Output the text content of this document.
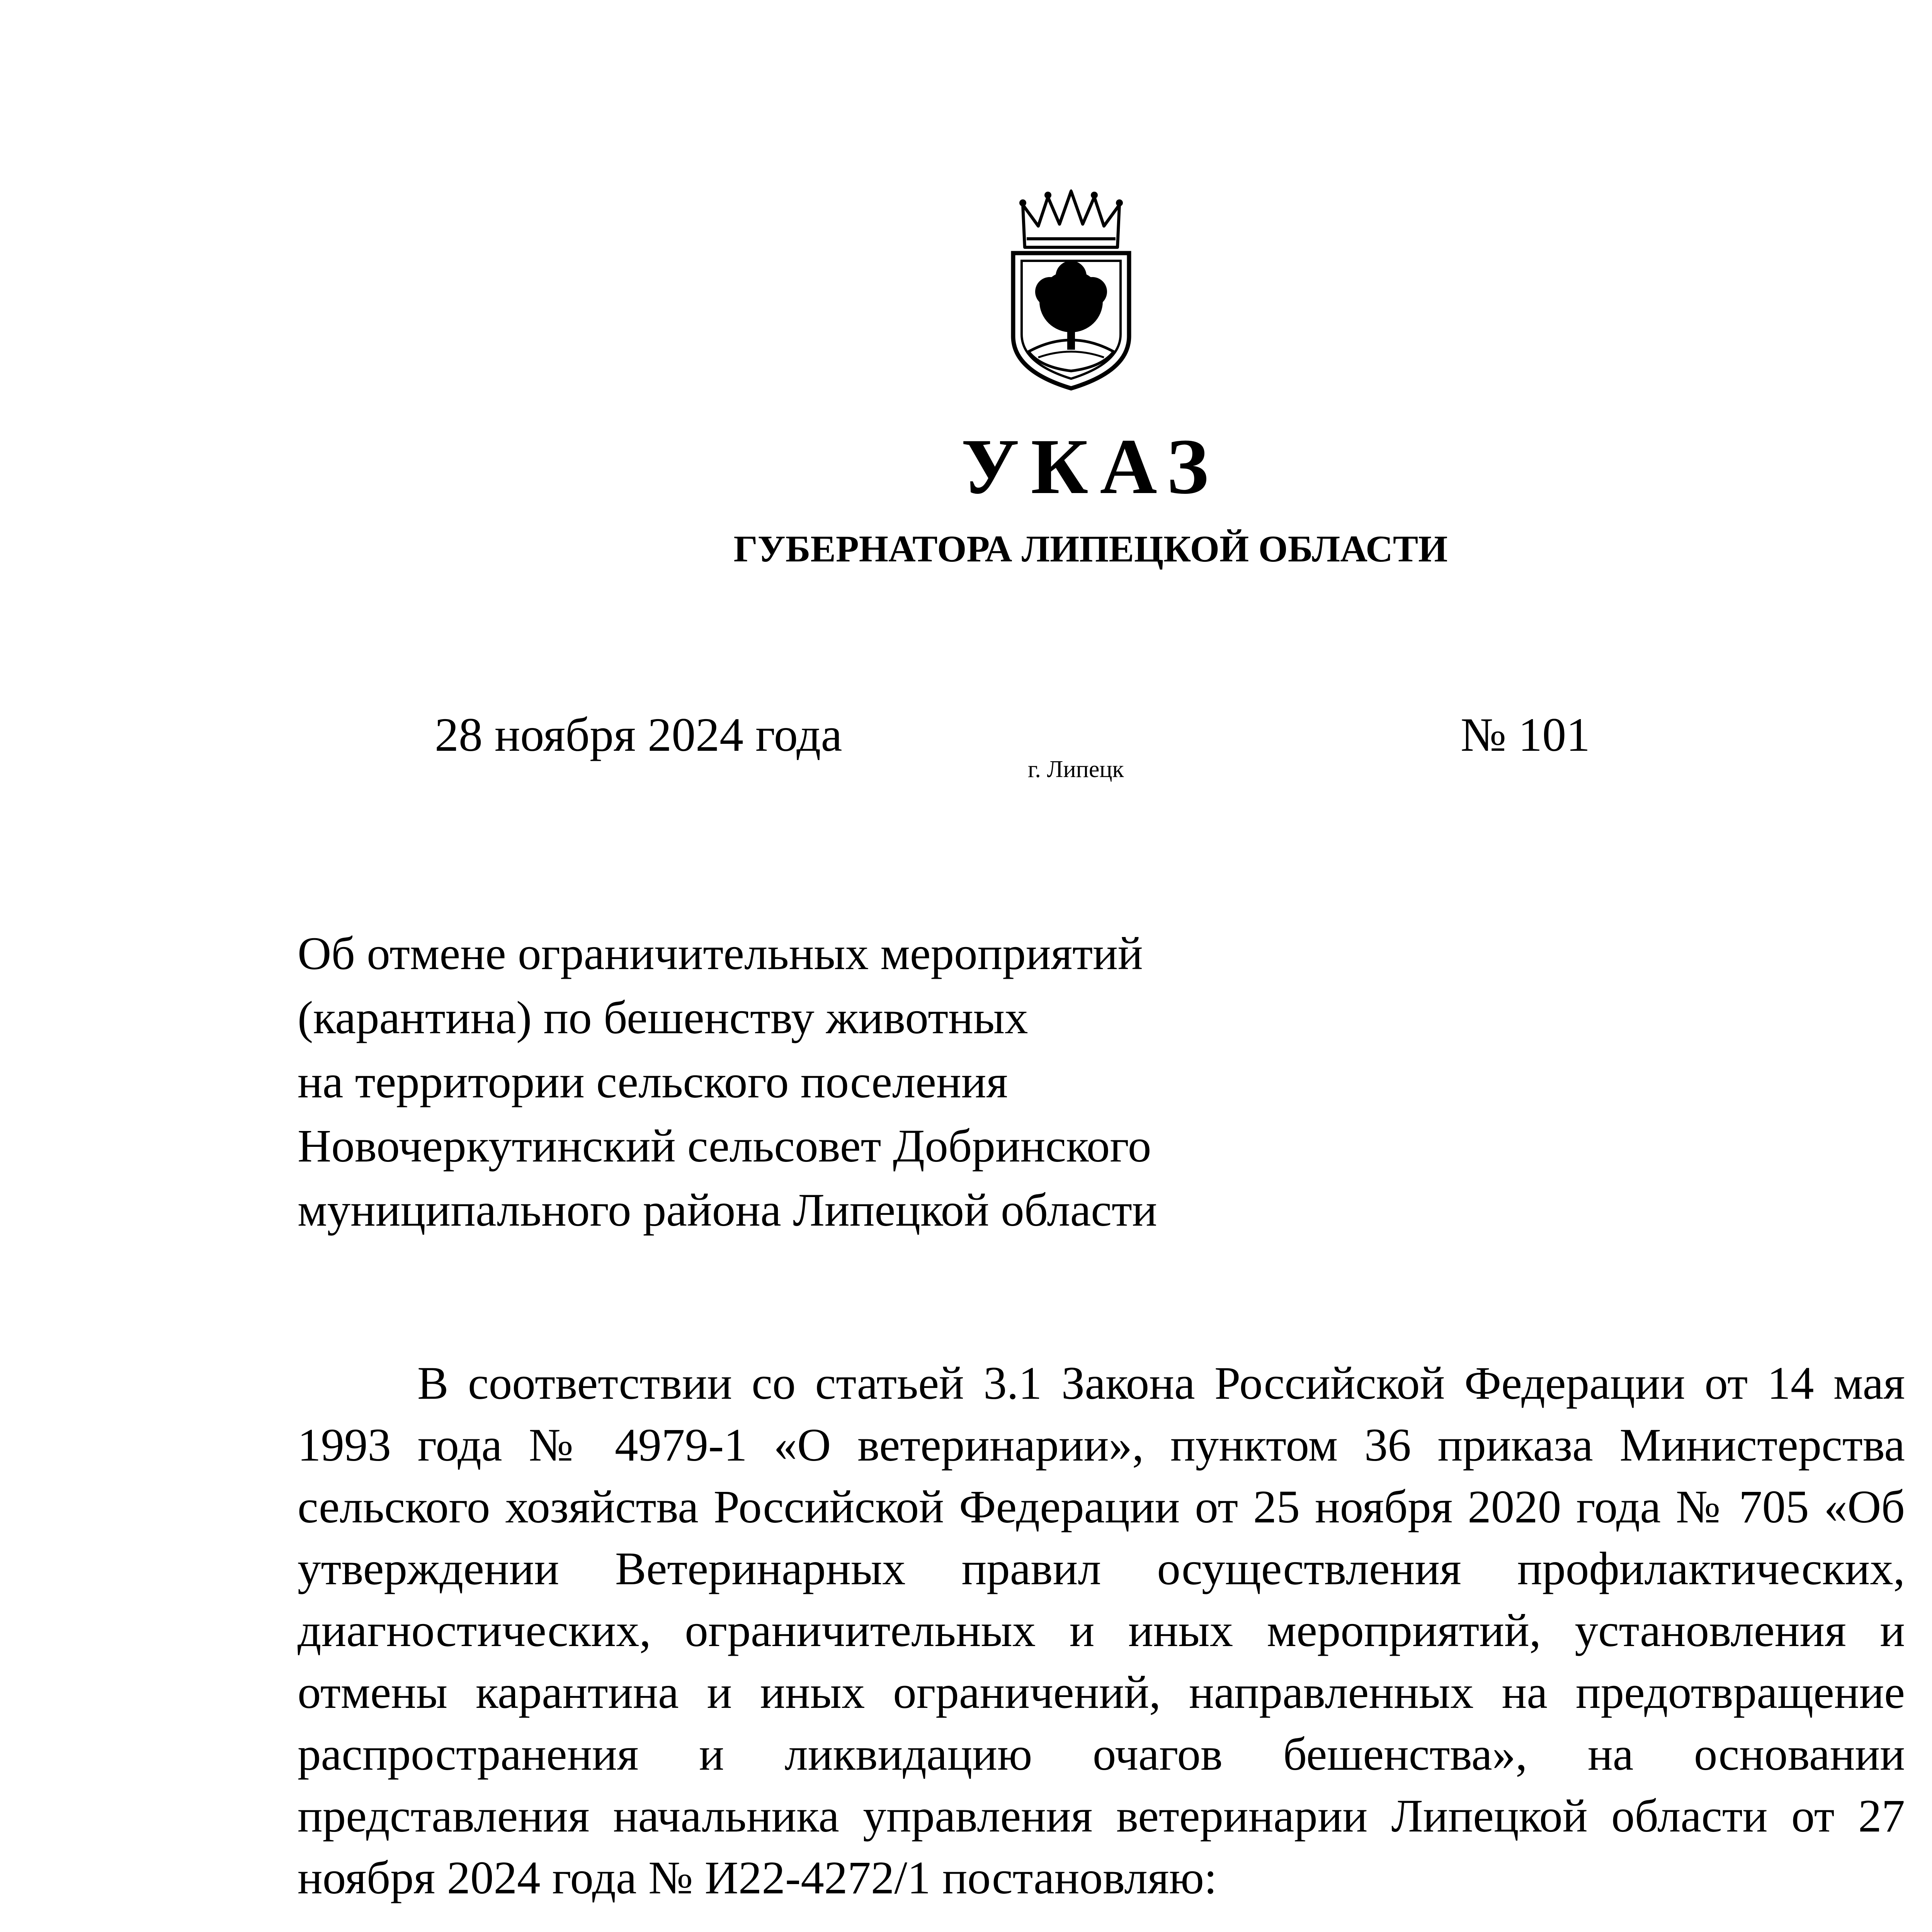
УКАЗ
ГУБЕРНАТОРА ЛИПЕЦКОЙ ОБЛАСТИ
28 ноября 2024 года
г. Липецк
№ 101
Об отмене ограничительных мероприятий
(карантина) по бешенству животных
на территории сельского поселения
Новочеркутинский сельсовет Добринского
муниципального района Липецкой области

В соответствии со статьей 3.1 Закона Российской Федерации от 14 мая 1993 года № 4979-1 «О ветеринарии», пунктом 36 приказа Министерства сельского хозяйства Российской Федерации от 25 ноября 2020 года № 705 «Об утверждении Ветеринарных правил осуществления профилактических, диагностических, ограничительных и иных мероприятий, установления и отмены карантина и иных ограничений, направленных на предотвращение распространения и ликвидацию очагов бешенства», на основании представления начальника управления ветеринарии Липецкой области от 27 ноября 2024 года № И22-4272/1 постановляю:
